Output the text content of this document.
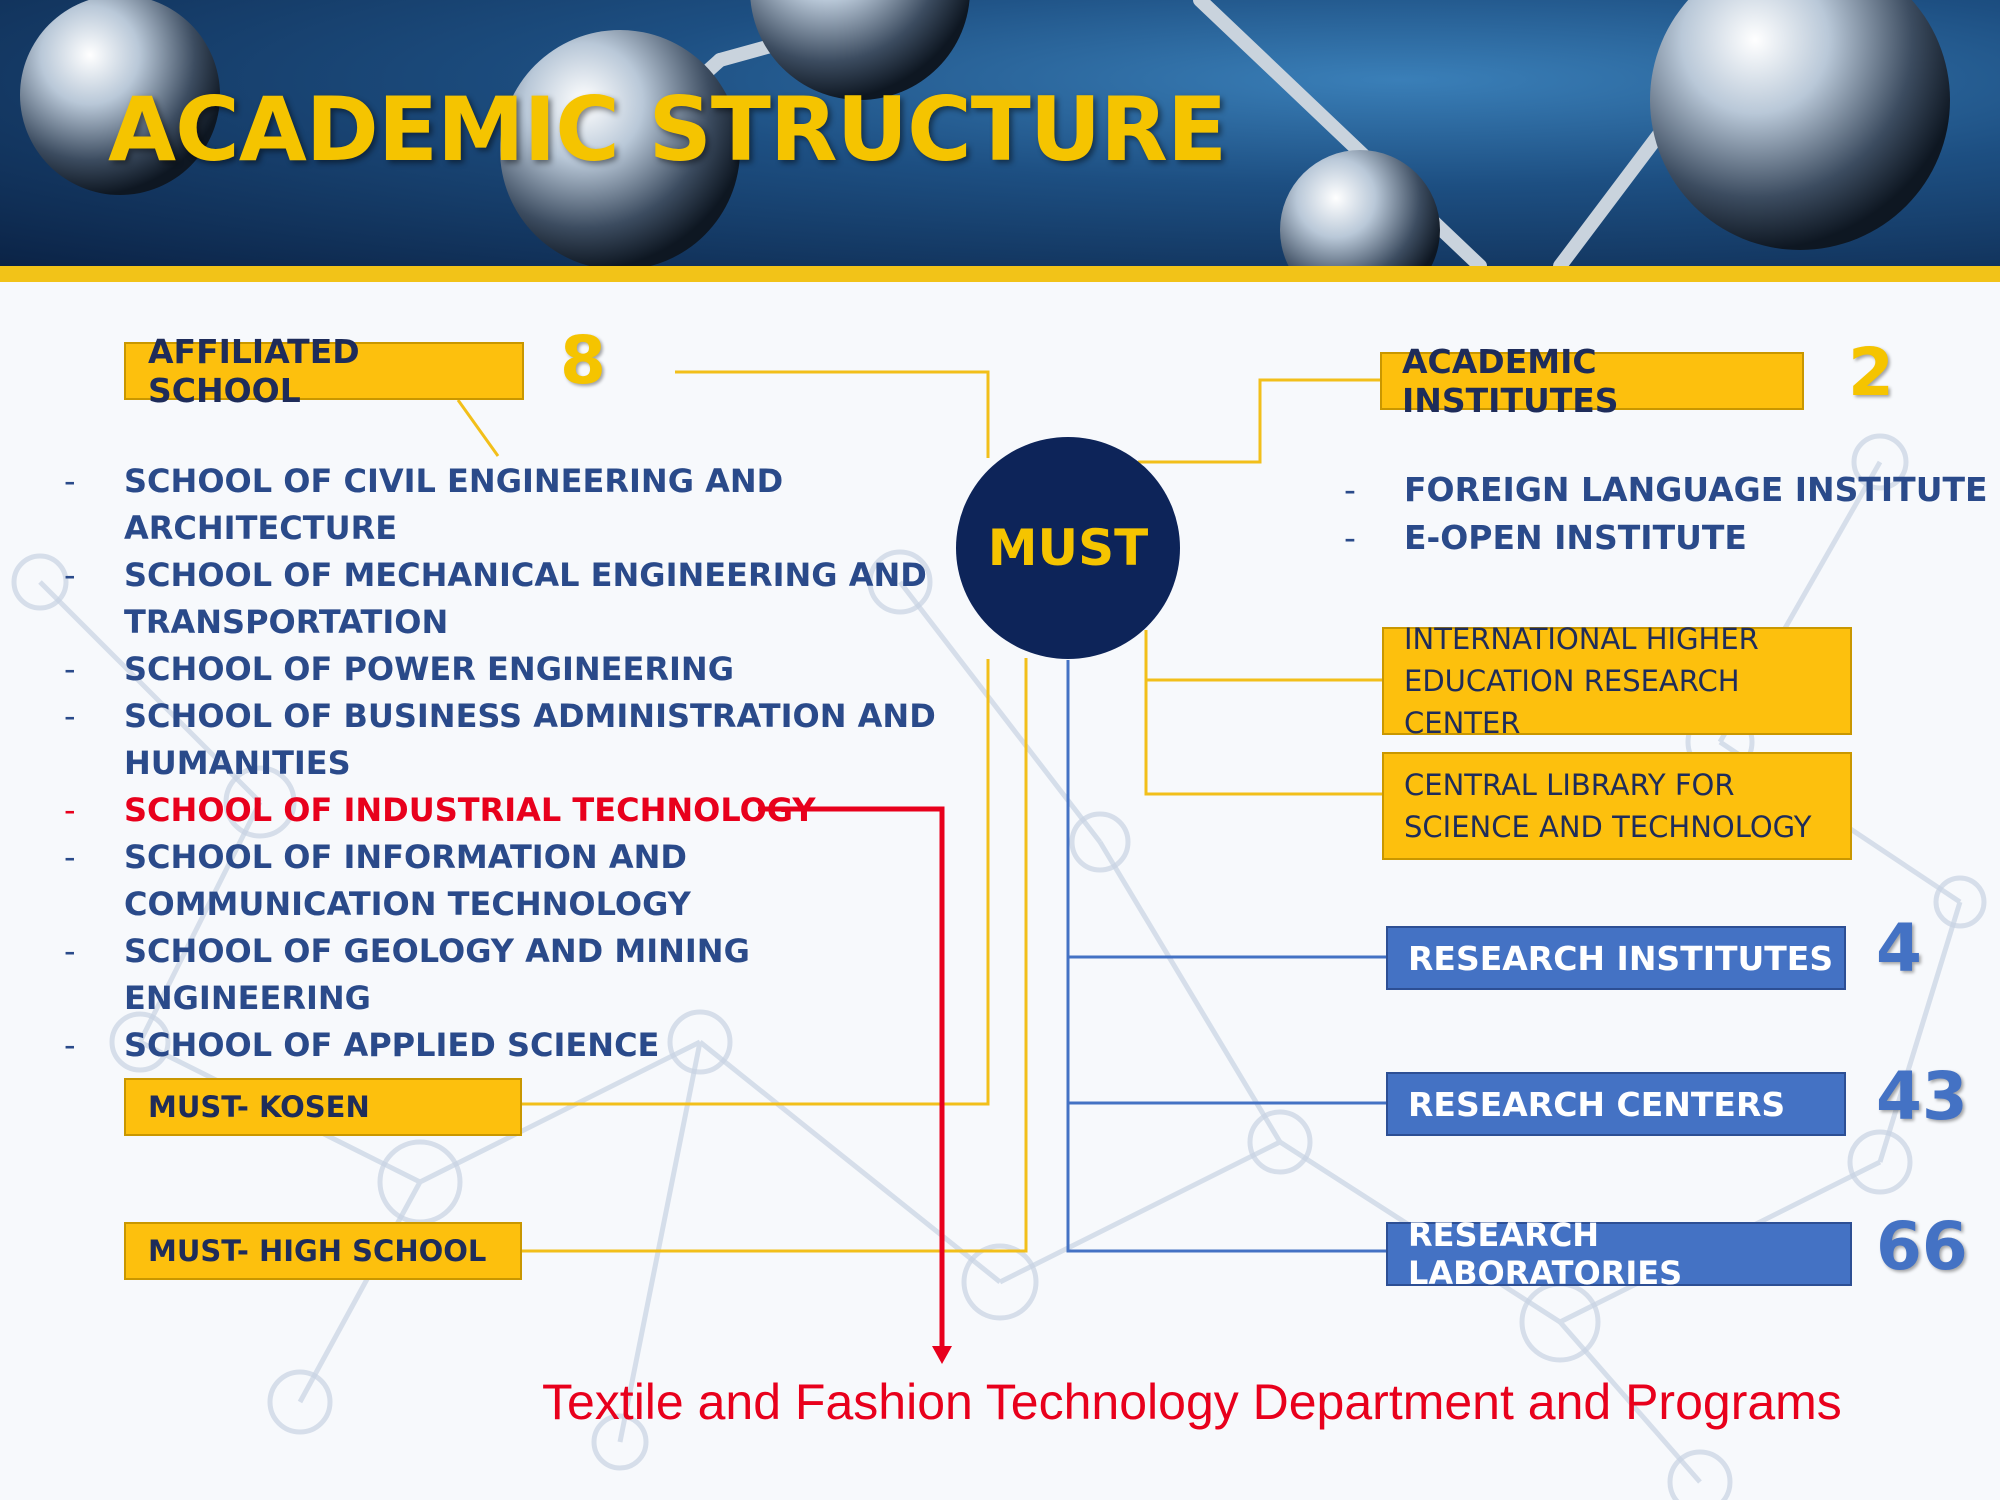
ACADEMIC STRUCTURE
AFFILIATED SCHOOL	8
- SCHOOL OF CIVIL ENGINEERING AND ARCHITECTURE
- SCHOOL OF MECHANICAL ENGINEERING AND TRANSPORTATION
- SCHOOL OF POWER ENGINEERING
- SCHOOL OF BUSINESS ADMINISTRATION AND HUMANITIES
- SCHOOL OF INDUSTRIAL TECHNOLOGY
- SCHOOL OF INFORMATION AND COMMUNICATION TECHNOLOGY
- SCHOOL OF GEOLOGY AND MINING ENGINEERING
- SCHOOL OF APPLIED SCIENCE
MUST- KOSEN
MUST- HIGH SCHOOL
MUST
ACADEMIC INSTITUTES	2
- FOREIGN LANGUAGE INSTITUTE
- E-OPEN INSTITUTE
INTERNATIONAL HIGHER EDUCATION RESEARCH CENTER
CENTRAL LIBRARY FOR SCIENCE AND TECHNOLOGY
RESEARCH INSTITUTES 4
RESEARCH CENTERS 43
RESEARCH LABORATORIES	66

Textile and Fashion Technology Department and Programs
